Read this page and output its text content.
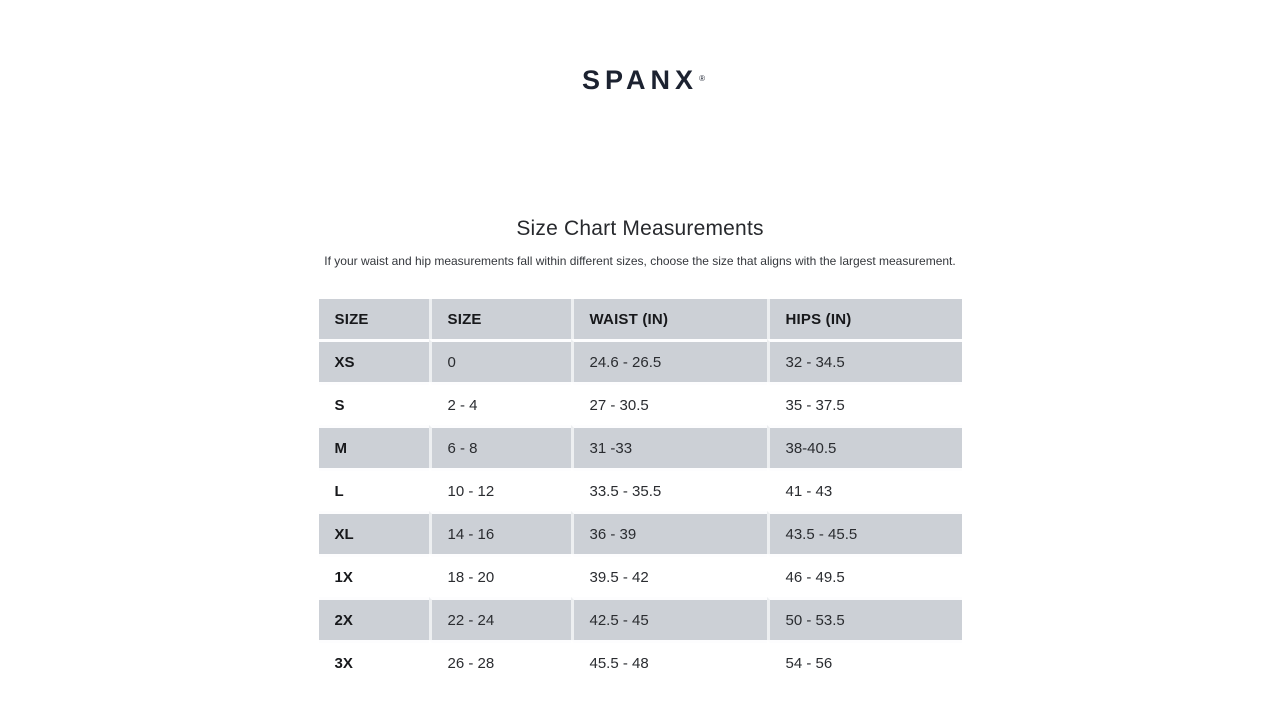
SPANX ®
Size Chart Measurements

If your waist and hip measurements fall within different sizes, choose the size that aligns with the largest measurement.

SIZE	SIZE	WAIST (IN)	HIPS (IN)
XS	0	24.6 - 26.5	32 - 34.5
S	2 - 4	27 - 30.5	35 - 37.5
M	6 - 8	31 -33	38-40.5
L	10 - 12	33.5 - 35.5	41 - 43
XL	14 - 16	36 - 39	43.5 - 45.5
1X	18 - 20	39.5 - 42	46 - 49.5
2X	22 - 24	42.5 - 45	50 - 53.5
3X	26 - 28	45.5 - 48	54 - 56
